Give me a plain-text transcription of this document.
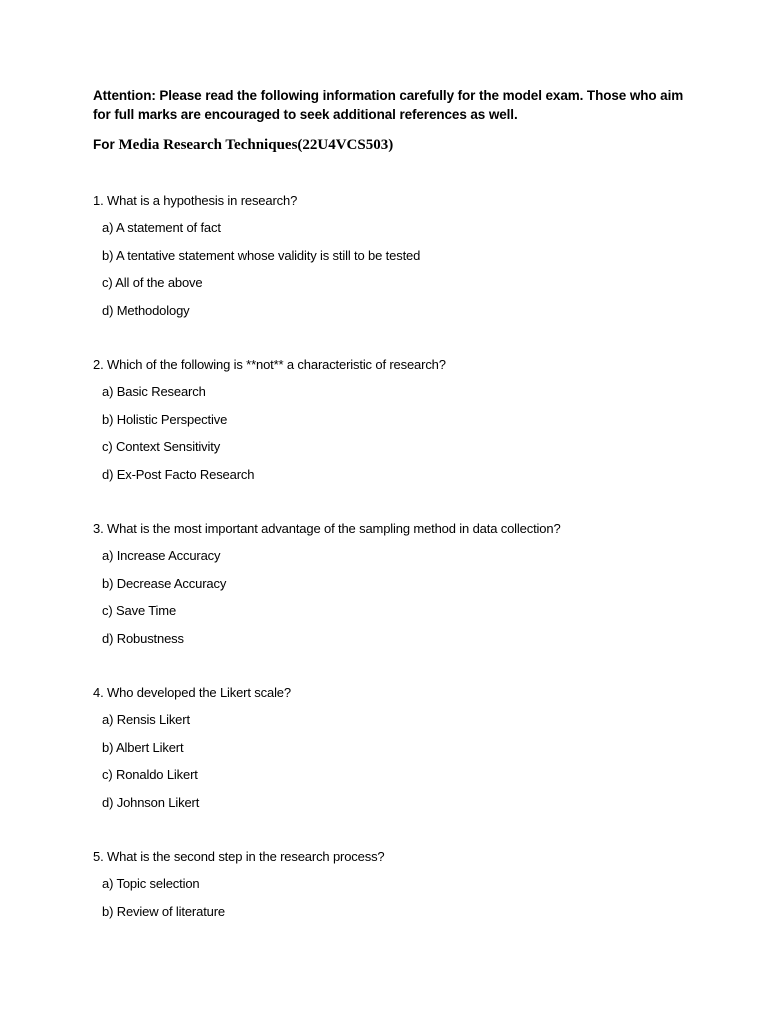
Attention: Please read the following information carefully for the model exam. Those who aim for full marks are encouraged to seek additional references as well.

For Media Research Techniques(22U4VCS503)

1. What is a hypothesis in research?
a) A statement of fact
b) A tentative statement whose validity is still to be tested
c) All of the above
d) Methodology
2. Which of the following is **not** a characteristic of research?
a) Basic Research
b) Holistic Perspective
c) Context Sensitivity
d) Ex-Post Facto Research
3. What is the most important advantage of the sampling method in data collection?
a) Increase Accuracy
b) Decrease Accuracy
c) Save Time
d) Robustness
4. Who developed the Likert scale?
a) Rensis Likert
b) Albert Likert
c) Ronaldo Likert
d) Johnson Likert
5. What is the second step in the research process?
a) Topic selection
b) Review of literature
